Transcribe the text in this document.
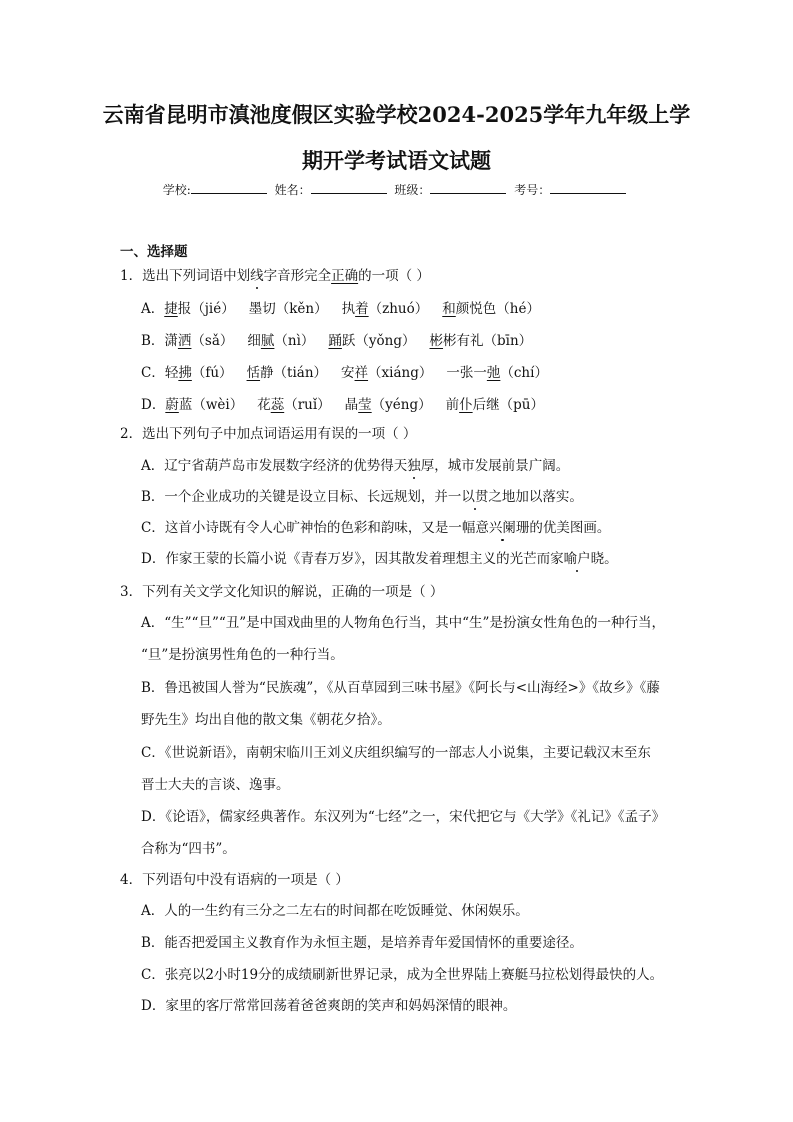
云南省昆明市滇池度假区实验学校2024-2025学年九年级上学
期开学考试语文试题
学校:	姓名：	班级：	考号：
一、选择题
1．选出下列词语中划线字音形完全正确的一项（ ）
A．捷报（jié） 墨切（kěn） 执着（zhuó） 和颜悦色（hé）
B．潇洒（sǎ） 细腻（nì） 踊跃（yǒng） 彬彬有礼（bīn）
C．轻拂（fú） 恬静（tián） 安祥（xiáng） 一张一弛（chí）
D．蔚蓝（wèi） 花蕊（ruǐ） 晶莹（yéng） 前仆后继（pū）
2．选出下列句子中加点词语运用有误的一项（ ）
A．辽宁省葫芦岛市发展数字经济的优势得天独厚，城市发展前景广阔。
B．一个企业成功的关键是设立目标、长远规划，并一以贯之地加以落实。
C．这首小诗既有令人心旷神怡的色彩和韵味，又是一幅意兴阑珊的优美图画。
D．作家王蒙的长篇小说《青春万岁》，因其散发着理想主义的光芒而家喻户晓。
3．下列有关文学文化知识的解说，正确的一项是（ ）
A．“生”“旦”“丑”是中国戏曲里的人物角色行当，其中“生”是扮演女性角色的一种行当，
“旦”是扮演男性角色的一种行当。
B．鲁迅被国人誉为“民族魂”，《从百草园到三味书屋》《阿长与<山海经>》《故乡》《藤
野先生》均出自他的散文集《朝花夕拾》。
C．《世说新语》，南朝宋临川王刘义庆组织编写的一部志人小说集，主要记载汉末至东
晋士大夫的言谈、逸事。
D．《论语》，儒家经典著作。东汉列为“七经”之一，宋代把它与《大学》《礼记》《孟子》
合称为“四书”。
4．下列语句中没有语病的一项是（ ）
A．人的一生约有三分之二左右的时间都在吃饭睡觉、休闲娱乐。
B．能否把爱国主义教育作为永恒主题，是培养青年爱国情怀的重要途径。
C．张亮以2小时19分的成绩刷新世界记录，成为全世界陆上赛艇马拉松划得最快的人。
D．家里的客厅常常回荡着爸爸爽朗的笑声和妈妈深情的眼神。
